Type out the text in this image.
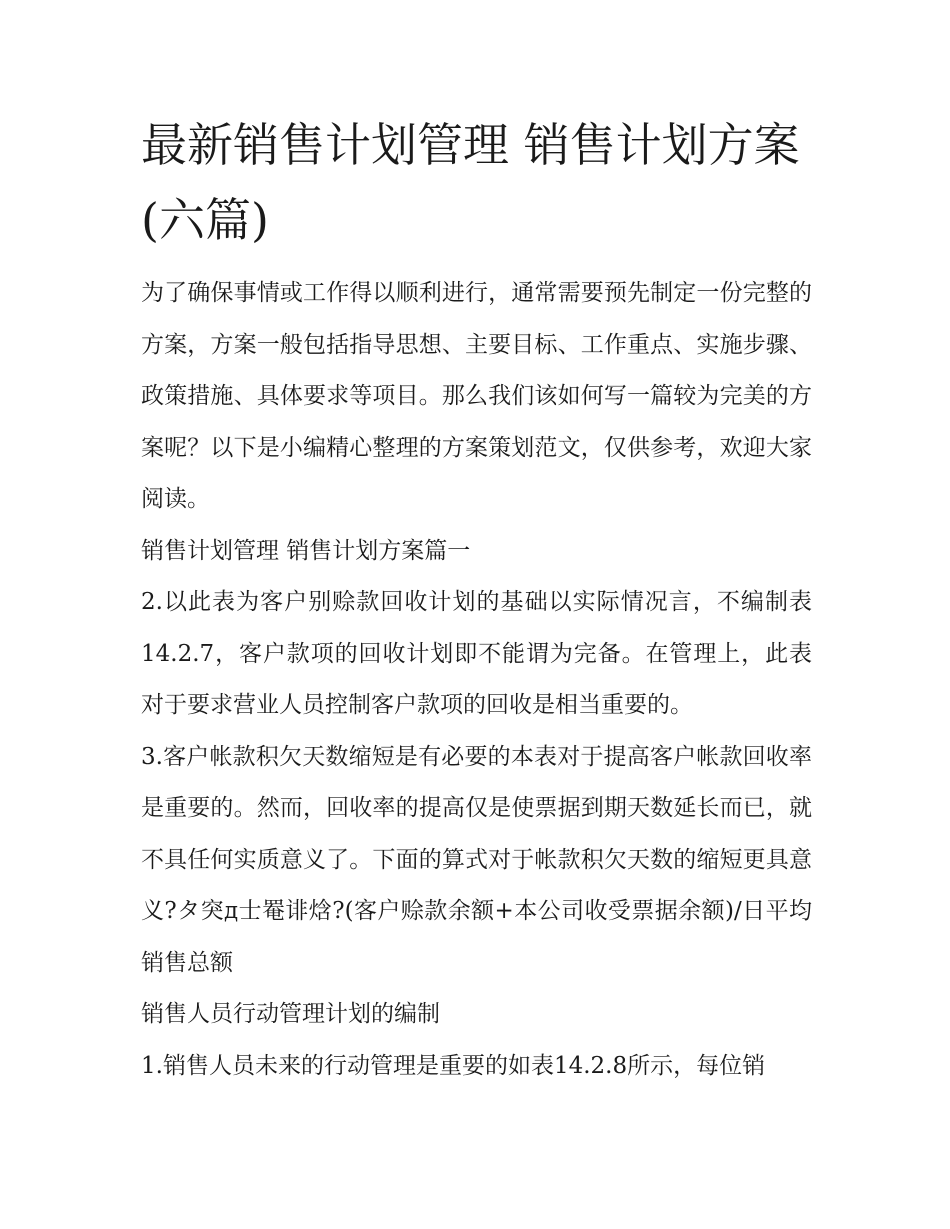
最新销售计划管理 销售计划方案(六篇)

为了确保事情或工作得以顺利进行，通常需要预先制定一份完整的方案，方案一般包括指导思想、主要目标、工作重点、实施步骤、政策措施、具体要求等项目。那么我们该如何写一篇较为完美的方案呢？以下是小编精心整理的方案策划范文，仅供参考，欢迎大家阅读。

销售计划管理 销售计划方案篇一

2.以此表为客户别赊款回收计划的基础以实际情况言，不编制表14.2.7，客户款项的回收计划即不能谓为完备。在管理上，此表对于要求营业人员控制客户款项的回收是相当重要的。

3.客户帐款积欠天数缩短是有必要的本表对于提高客户帐款回收率是重要的。然而，回收率的提高仅是使票据到期天数延长而已，就不具任何实质意义了。下面的算式对于帐款积欠天数的缩短更具意义?タ突д士罨诽焓?(客户赊款余额+本公司收受票据余额)/日平均销售总额

销售人员行动管理计划的编制

1.销售人员未来的行动管理是重要的如表14.2.8所示，每位销
